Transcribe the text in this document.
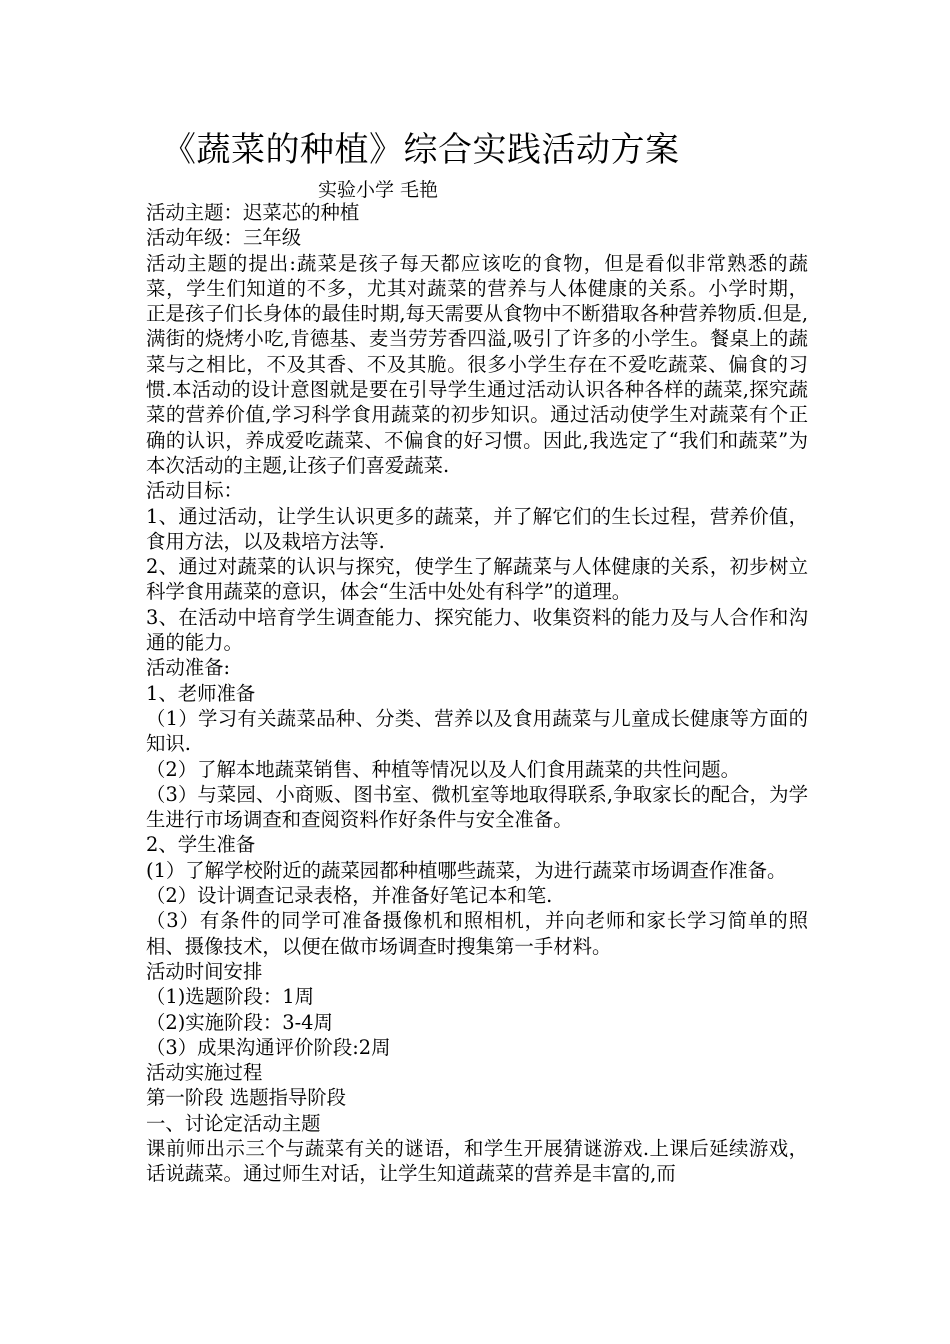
《蔬菜的种植》综合实践活动方案
实验小学 毛艳

活动主题：迟菜芯的种植

活动年级：三年级

活动主题的提出:蔬菜是孩子每天都应该吃的食物，但是看似非常熟悉的蔬菜，学生们知道的不多，尤其对蔬菜的营养与人体健康的关系。小学时期， 正是孩子们长身体的最佳时期,每天需要从食物中不断猎取各种营养物质.但是,满街的烧烤小吃,肯德基、麦当劳芳香四溢,吸引了许多的小学生。餐桌上的蔬菜与之相比，不及其香、不及其脆。很多小学生存在不爱吃蔬菜、偏食的习惯.本活动的设计意图就是要在引导学生通过活动认识各种各样的蔬菜,探究蔬菜的营养价值,学习科学食用蔬菜的初步知识。通过活动使学生对蔬菜有个正确的认识，养成爱吃蔬菜、不偏食的好习惯。因此,我选定了“我们和蔬菜”为本次活动的主题,让孩子们喜爱蔬菜.

活动目标：

1、通过活动，让学生认识更多的蔬菜，并了解它们的生长过程，营养价值，食用方法，以及栽培方法等.

2、通过对蔬菜的认识与探究，使学生了解蔬菜与人体健康的关系，初步树立科学食用蔬菜的意识，体会“生活中处处有科学”的道理。

3、在活动中培育学生调查能力、探究能力、收集资料的能力及与人合作和沟通的能力。

活动准备:

1、老师准备

（1）学习有关蔬菜品种、分类、营养以及食用蔬菜与儿童成长健康等方面的知识.

（2）了解本地蔬菜销售、种植等情况以及人们食用蔬菜的共性问题。

（3）与菜园、小商贩、图书室、微机室等地取得联系,争取家长的配合，为学生进行市场调查和查阅资料作好条件与安全准备。

2、学生准备

(1）了解学校附近的蔬菜园都种植哪些蔬菜，为进行蔬菜市场调查作准备。

（2）设计调查记录表格，并准备好笔记本和笔.

（3）有条件的同学可准备摄像机和照相机，并向老师和家长学习简单的照相、摄像技术，以便在做市场调查时搜集第一手材料。

活动时间安排

（1)选题阶段：1周

（2)实施阶段：3-4周

（3）成果沟通评价阶段:2周

活动实施过程

第一阶段 选题指导阶段

一、讨论定活动主题

课前师出示三个与蔬菜有关的谜语，和学生开展猜谜游戏.上课后延续游戏，话说蔬菜。通过师生对话，让学生知道蔬菜的营养是丰富的,而
